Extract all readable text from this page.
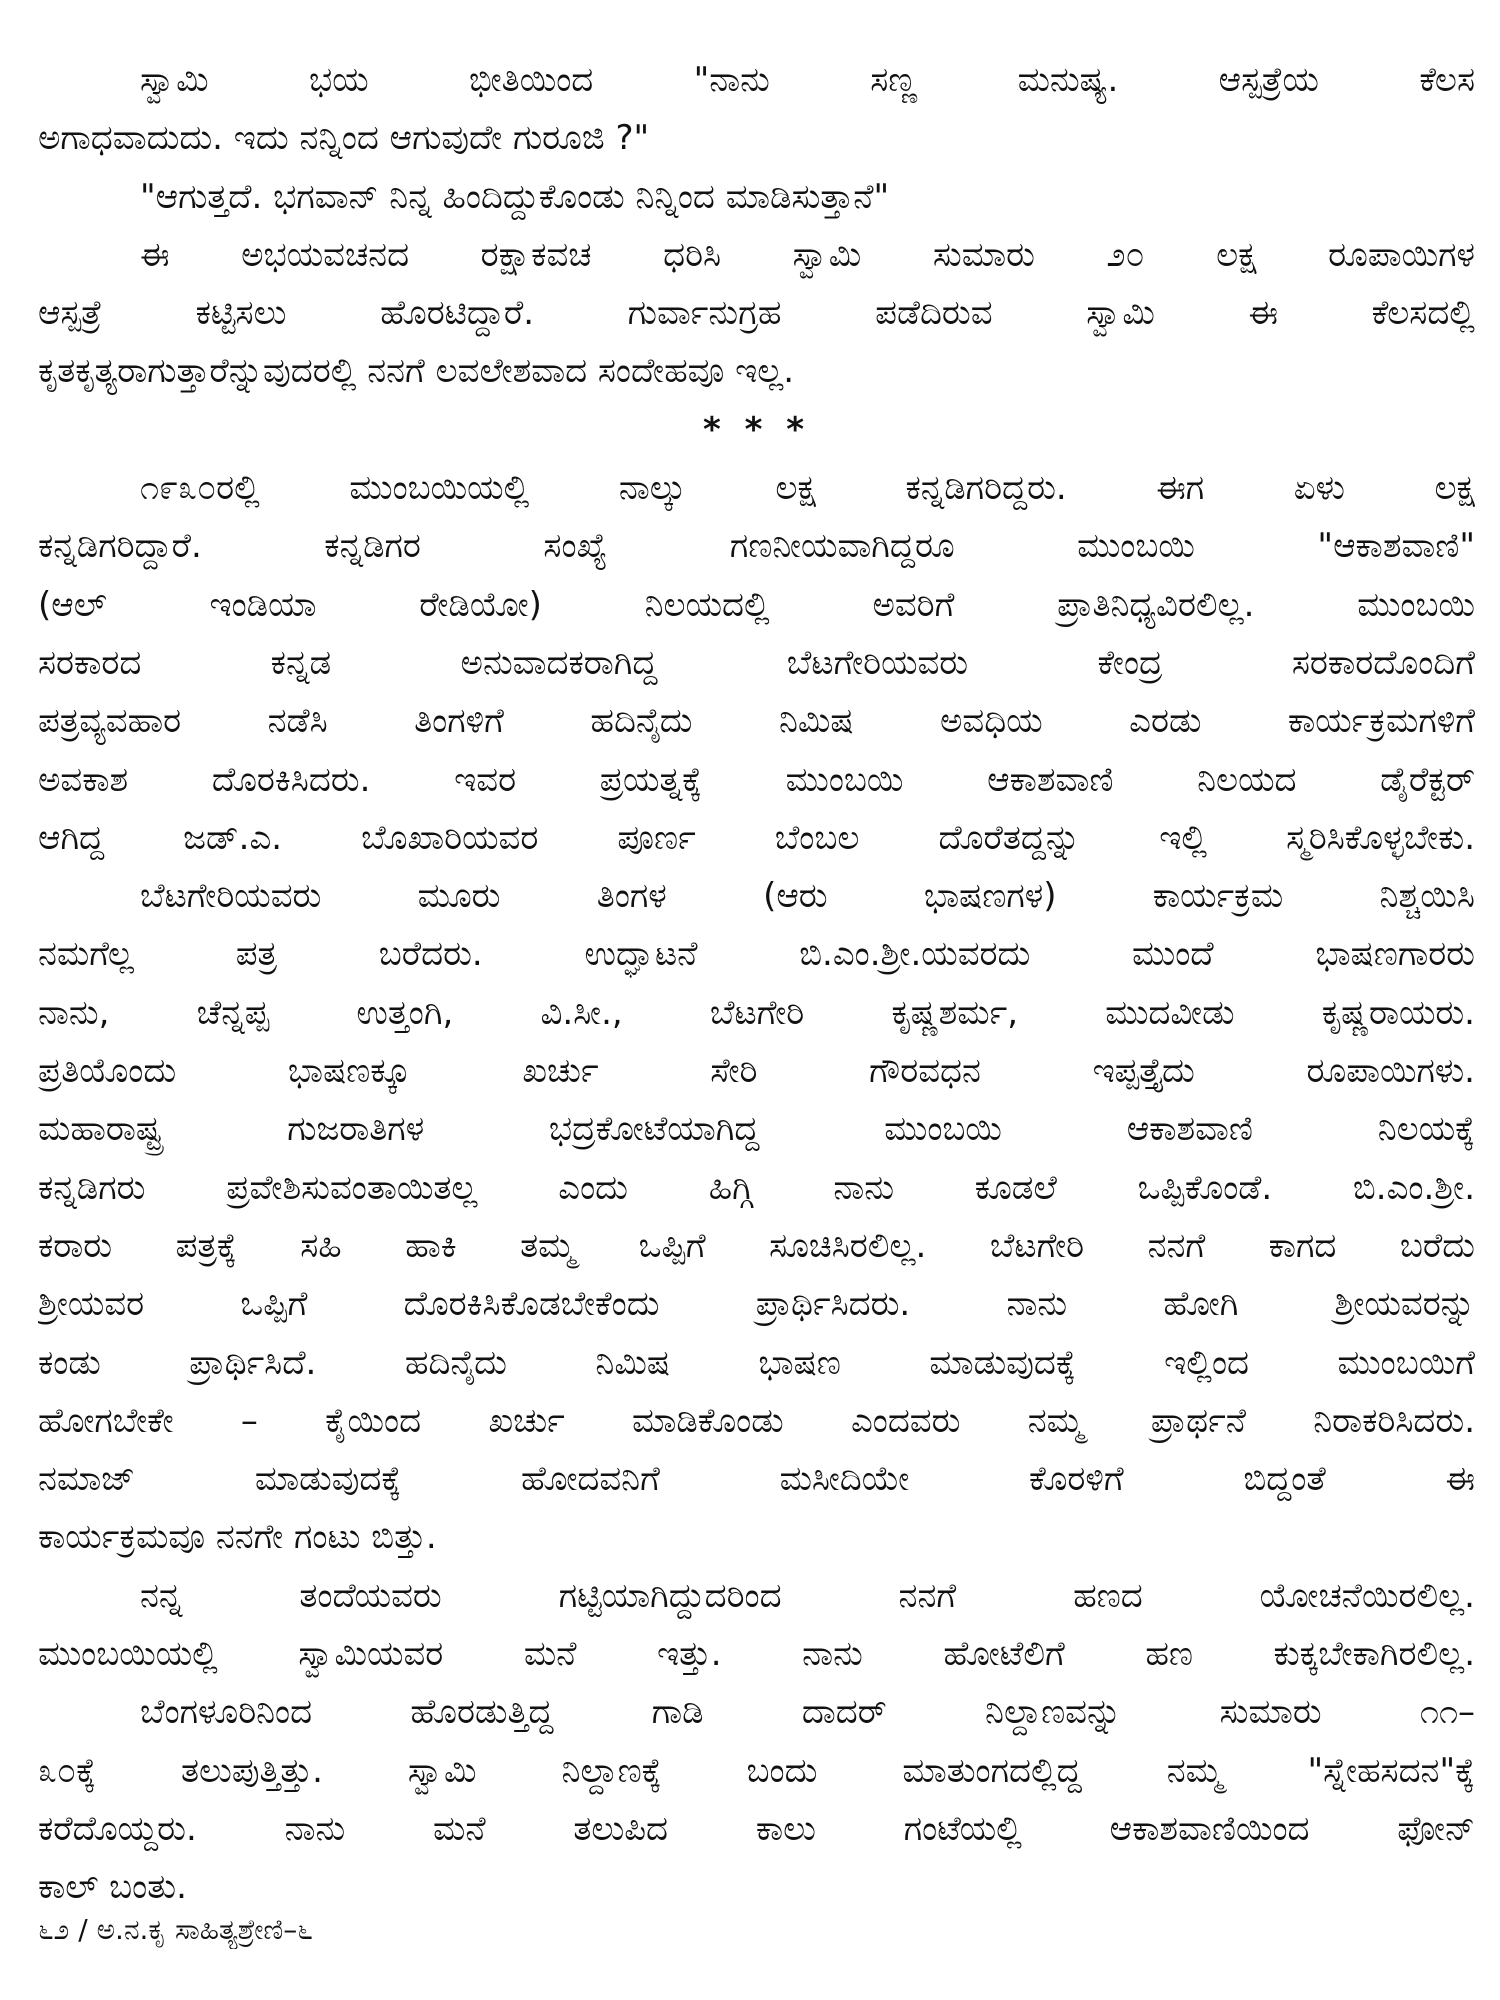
ಸ್ವಾಮಿ ಭಯ ಭೀತಿಯಿಂದ "ನಾನು ಸಣ್ಣ ಮನುಷ್ಯ. ಆಸ್ಪತ್ರೆಯ ಕೆಲಸ
ಅಗಾಧವಾದುದು. ಇದು ನನ್ನಿಂದ ಆಗುವುದೇ ಗುರೂಜಿ ?"
"ಆಗುತ್ತದೆ. ಭಗವಾನ್ ನಿನ್ನ ಹಿಂದಿದ್ದುಕೊಂಡು ನಿನ್ನಿಂದ ಮಾಡಿಸುತ್ತಾನೆ"
ಈ ಅಭಯವಚನದ ರಕ್ಷಾಕವಚ ಧರಿಸಿ ಸ್ವಾಮಿ ಸುಮಾರು ೨೦ ಲಕ್ಷ ರೂಪಾಯಿಗಳ
ಆಸ್ಪತ್ರೆ ಕಟ್ಟಿಸಲು ಹೊರಟಿದ್ದಾರೆ. ಗುರ್ವಾನುಗ್ರಹ ಪಡೆದಿರುವ ಸ್ವಾಮಿ ಈ ಕೆಲಸದಲ್ಲಿ
ಕೃತಕೃತ್ಯರಾಗುತ್ತಾರೆನ್ನುವುದರಲ್ಲಿ ನನಗೆ ಲವಲೇಶವಾದ ಸಂದೇಹವೂ ಇಲ್ಲ.
* * *
೧೯೩೦ರಲ್ಲಿ ಮುಂಬಯಿಯಲ್ಲಿ ನಾಲ್ಕು ಲಕ್ಷ ಕನ್ನಡಿಗರಿದ್ದರು. ಈಗ ಏಳು ಲಕ್ಷ
ಕನ್ನಡಿಗರಿದ್ದಾರೆ. ಕನ್ನಡಿಗರ ಸಂಖ್ಯೆ ಗಣನೀಯವಾಗಿದ್ದರೂ ಮುಂಬಯಿ "ಆಕಾಶವಾಣಿ"
(ಆಲ್ ಇಂಡಿಯಾ ರೇಡಿಯೋ) ನಿಲಯದಲ್ಲಿ ಅವರಿಗೆ ಪ್ರಾತಿನಿಧ್ಯವಿರಲಿಲ್ಲ. ಮುಂಬಯಿ
ಸರಕಾರದ ಕನ್ನಡ ಅನುವಾದಕರಾಗಿದ್ದ ಬೆಟಗೇರಿಯವರು ಕೇಂದ್ರ ಸರಕಾರದೊಂದಿಗೆ
ಪತ್ರವ್ಯವಹಾರ ನಡೆಸಿ ತಿಂಗಳಿಗೆ ಹದಿನೈದು ನಿಮಿಷ ಅವಧಿಯ ಎರಡು ಕಾರ್ಯಕ್ರಮಗಳಿಗೆ
ಅವಕಾಶ ದೊರಕಿಸಿದರು. ಇವರ ಪ್ರಯತ್ನಕ್ಕೆ ಮುಂಬಯಿ ಆಕಾಶವಾಣಿ ನಿಲಯದ ಡೈರೆಕ್ಟರ್
ಆಗಿದ್ದ ಜಡ್.ಎ. ಬೊಖಾರಿಯವರ ಪೂರ್ಣ ಬೆಂಬಲ ದೊರೆತದ್ದನ್ನು ಇಲ್ಲಿ ಸ್ಮರಿಸಿಕೊಳ್ಳಬೇಕು.
ಬೆಟಗೇರಿಯವರು ಮೂರು ತಿಂಗಳ (ಆರು ಭಾಷಣಗಳ) ಕಾರ್ಯಕ್ರಮ ನಿಶ್ಚಯಿಸಿ
ನಮಗೆಲ್ಲ ಪತ್ರ ಬರೆದರು. ಉದ್ಘಾಟನೆ ಬಿ.ಎಂ.ಶ್ರೀ.ಯವರದು ಮುಂದೆ ಭಾಷಣಗಾರರು
ನಾನು, ಚೆನ್ನಪ್ಪ ಉತ್ತಂಗಿ, ವಿ.ಸೀ., ಬೆಟಗೇರಿ ಕೃಷ್ಣಶರ್ಮ, ಮುದವೀಡು ಕೃಷ್ಣರಾಯರು.
ಪ್ರತಿಯೊಂದು ಭಾಷಣಕ್ಕೂ ಖರ್ಚು ಸೇರಿ ಗೌರವಧನ ಇಪ್ಪತ್ತೈದು ರೂಪಾಯಿಗಳು.
ಮಹಾರಾಷ್ಟ್ರ ಗುಜರಾತಿಗಳ ಭದ್ರಕೋಟೆಯಾಗಿದ್ದ ಮುಂಬಯಿ ಆಕಾಶವಾಣಿ ನಿಲಯಕ್ಕೆ
ಕನ್ನಡಿಗರು ಪ್ರವೇಶಿಸುವಂತಾಯಿತಲ್ಲ ಎಂದು ಹಿಗ್ಗಿ ನಾನು ಕೂಡಲೆ ಒಪ್ಪಿಕೊಂಡೆ. ಬಿ.ಎಂ.ಶ್ರೀ.
ಕರಾರು ಪತ್ರಕ್ಕೆ ಸಹಿ ಹಾಕಿ ತಮ್ಮ ಒಪ್ಪಿಗೆ ಸೂಚಿಸಿರಲಿಲ್ಲ. ಬೆಟಗೇರಿ ನನಗೆ ಕಾಗದ ಬರೆದು
ಶ್ರೀಯವರ ಒಪ್ಪಿಗೆ ದೊರಕಿಸಿಕೊಡಬೇಕೆಂದು ಪ್ರಾರ್ಥಿಸಿದರು. ನಾನು ಹೋಗಿ ಶ್ರೀಯವರನ್ನು
ಕಂಡು ಪ್ರಾರ್ಥಿಸಿದೆ. ಹದಿನೈದು ನಿಮಿಷ ಭಾಷಣ ಮಾಡುವುದಕ್ಕೆ ಇಲ್ಲಿಂದ ಮುಂಬಯಿಗೆ
ಹೋಗಬೇಕೇ – ಕೈಯಿಂದ ಖರ್ಚು ಮಾಡಿಕೊಂಡು ಎಂದವರು ನಮ್ಮ ಪ್ರಾರ್ಥನೆ ನಿರಾಕರಿಸಿದರು.
ನಮಾಜ್ ಮಾಡುವುದಕ್ಕೆ ಹೋದವನಿಗೆ ಮಸೀದಿಯೇ ಕೊರಳಿಗೆ ಬಿದ್ದಂತೆ ಈ
ಕಾರ್ಯಕ್ರಮವೂ ನನಗೇ ಗಂಟು ಬಿತ್ತು.
ನನ್ನ ತಂದೆಯವರು ಗಟ್ಟಿಯಾಗಿದ್ದುದರಿಂದ ನನಗೆ ಹಣದ ಯೋಚನೆಯಿರಲಿಲ್ಲ.
ಮುಂಬಯಿಯಲ್ಲಿ ಸ್ವಾಮಿಯವರ ಮನೆ ಇತ್ತು. ನಾನು ಹೋಟೆಲಿಗೆ ಹಣ ಕುಕ್ಕಬೇಕಾಗಿರಲಿಲ್ಲ.
ಬೆಂಗಳೂರಿನಿಂದ ಹೊರಡುತ್ತಿದ್ದ ಗಾಡಿ ದಾದರ್ ನಿಲ್ದಾಣವನ್ನು ಸುಮಾರು ೧೧–
೩೦ಕ್ಕೆ ತಲುಪುತ್ತಿತ್ತು. ಸ್ವಾಮಿ ನಿಲ್ದಾಣಕ್ಕೆ ಬಂದು ಮಾತುಂಗದಲ್ಲಿದ್ದ ನಮ್ಮ "ಸ್ನೇಹಸದನ"ಕ್ಕೆ
ಕರೆದೊಯ್ದರು. ನಾನು ಮನೆ ತಲುಪಿದ ಕಾಲು ಗಂಟೆಯಲ್ಲಿ ಆಕಾಶವಾಣಿಯಿಂದ ಫೋನ್
ಕಾಲ್ ಬಂತು.
೬೨ / ಅ.ನ.ಕೃ ಸಾಹಿತ್ಯಶ್ರೇಣಿ–೬
